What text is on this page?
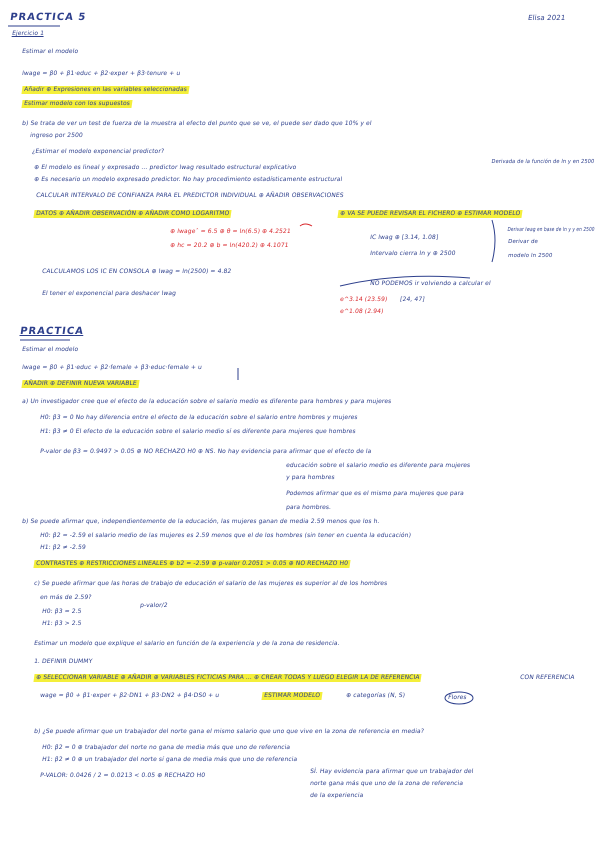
PRACTICA 5	Elisa 2021
Ejercicio 1
Estimar el modelo
lwage = β0 + β1·educ + β2·exper + β3·tenure + u
Añadir ⊕ Expresiones en las variables seleccionadas
Estimar modelo con los supuestos
b) Se trata de ver un test de fuerza de la muestra al efecto del punto que se ve, el puede ser dado que 10% y el
ingreso por 2500
¿Estimar el modelo exponencial predictor?
⊕ El modelo es lineal y expresado ... predictor lwag resultado estructural explicativo
⊕ Es necesario un modelo expresado predictor. No hay procedimiento estadísticamente estructural
CALCULAR INTERVALO DE CONFIANZA PARA EL PREDICTOR INDIVIDUAL ⊕ AÑADIR OBSERVACIONES
DATOS ⊕ AÑADIR OBSERVACIÓN ⊕ AÑADIR COMO LOGARITMO	⊕ VA SE PUEDE REVISAR EL FICHERO ⊕ ESTIMAR MODELO
⊕ lwageˆ = 6.5 ⊕ θ = ln(6.5) ⊕ 4.2521
⊕ hc = 20.2 ⊕ b = ln(420.2) ⊕ 4.1071
IC lwag ⊕ [3.14, 1.08]
Derivada de la función de ln y en 2500
Intervalo cierra ln y ⊕ 2500
Derivar lwag en base de ln y y en 2500
Derivar de
modelo ln 2500
CALCULAMOS LOS IC EN CONSOLA ⊕ lwag = ln(2500) = 4.82
NO PODEMOS ir volviendo a calcular el
e^3.14 (23.59)
e^1.08 (2.94)
[24, 47]
El tener el exponencial para deshacer lwag
PRACTICA
Estimar el modelo
lwage = β0 + β1·educ + β2·female + β3·educ·female + u
AÑADIR ⊕ DEFINIR NUEVA VARIABLE
a) Un investigador cree que el efecto de la educación sobre el salario medio es diferente para hombres y para mujeres
H0: β3 = 0 No hay diferencia entre el efecto de la educación sobre el salario entre hombres y mujeres
H1: β3 ≠ 0 El efecto de la educación sobre el salario medio sí es diferente para mujeres que hombres
P-valor de β3 = 0.9497 > 0.05 ⊕ NO RECHAZO H0 ⊕ NS. No hay evidencia para afirmar que el efecto de la
educación sobre el salario medio es diferente para mujeres
y para hombres
Podemos afirmar que es el mismo para mujeres que para
para hombres.
b) Se puede afirmar que, independientemente de la educación, las mujeres ganan de media 2.59 menos que los h.
H0: β2 = -2.59 el salario medio de las mujeres es 2.59 menos que el de los hombres (sin tener en cuenta la educación)
H1: β2 ≠ -2.59
CONTRASTES ⊕ RESTRICCIONES LINEALES ⊕ b2 = -2.59 ⊕ p-valor 0.2051 > 0.05 ⊕ NO RECHAZO H0
c) Se puede afirmar que las horas de trabajo de educación el salario de las mujeres es superior al de los hombres
en más de 2.59?
H0: β3 = 2.5
H1: β3 > 2.5
p-valor/2
Estimar un modelo que explique el salario en función de la experiencia y de la zona de residencia.
1. DEFINIR DUMMY
⊕ SELECCIONAR VARIABLE ⊕ AÑADIR ⊕ VARIABLES FICTICIAS PARA ... ⊕ CREAR TODAS Y LUEGO ELEGIR LA DE REFERENCIA	CON REFERENCIA
wage = β0 + β1·exper + β2·DN1 + β3·DN2 + β4·DS0 + u	ESTIMAR MODELO	⊕ categorías (N, S)	Flores
b) ¿Se puede afirmar que un trabajador del norte gana el mismo salario que uno que vive en la zona de referencia en media?
H0: β2 = 0 ⊕ trabajador del norte no gana de media más que uno de referencia
H1: β2 ≠ 0 ⊕ un trabajador del norte sí gana de media más que uno de referencia
P-VALOR: 0.0426 / 2 = 0.0213 < 0.05 ⊕ RECHAZO H0
SÍ. Hay evidencia para afirmar que un trabajador del
norte gana más que uno de la zona de referencia
de la experiencia
